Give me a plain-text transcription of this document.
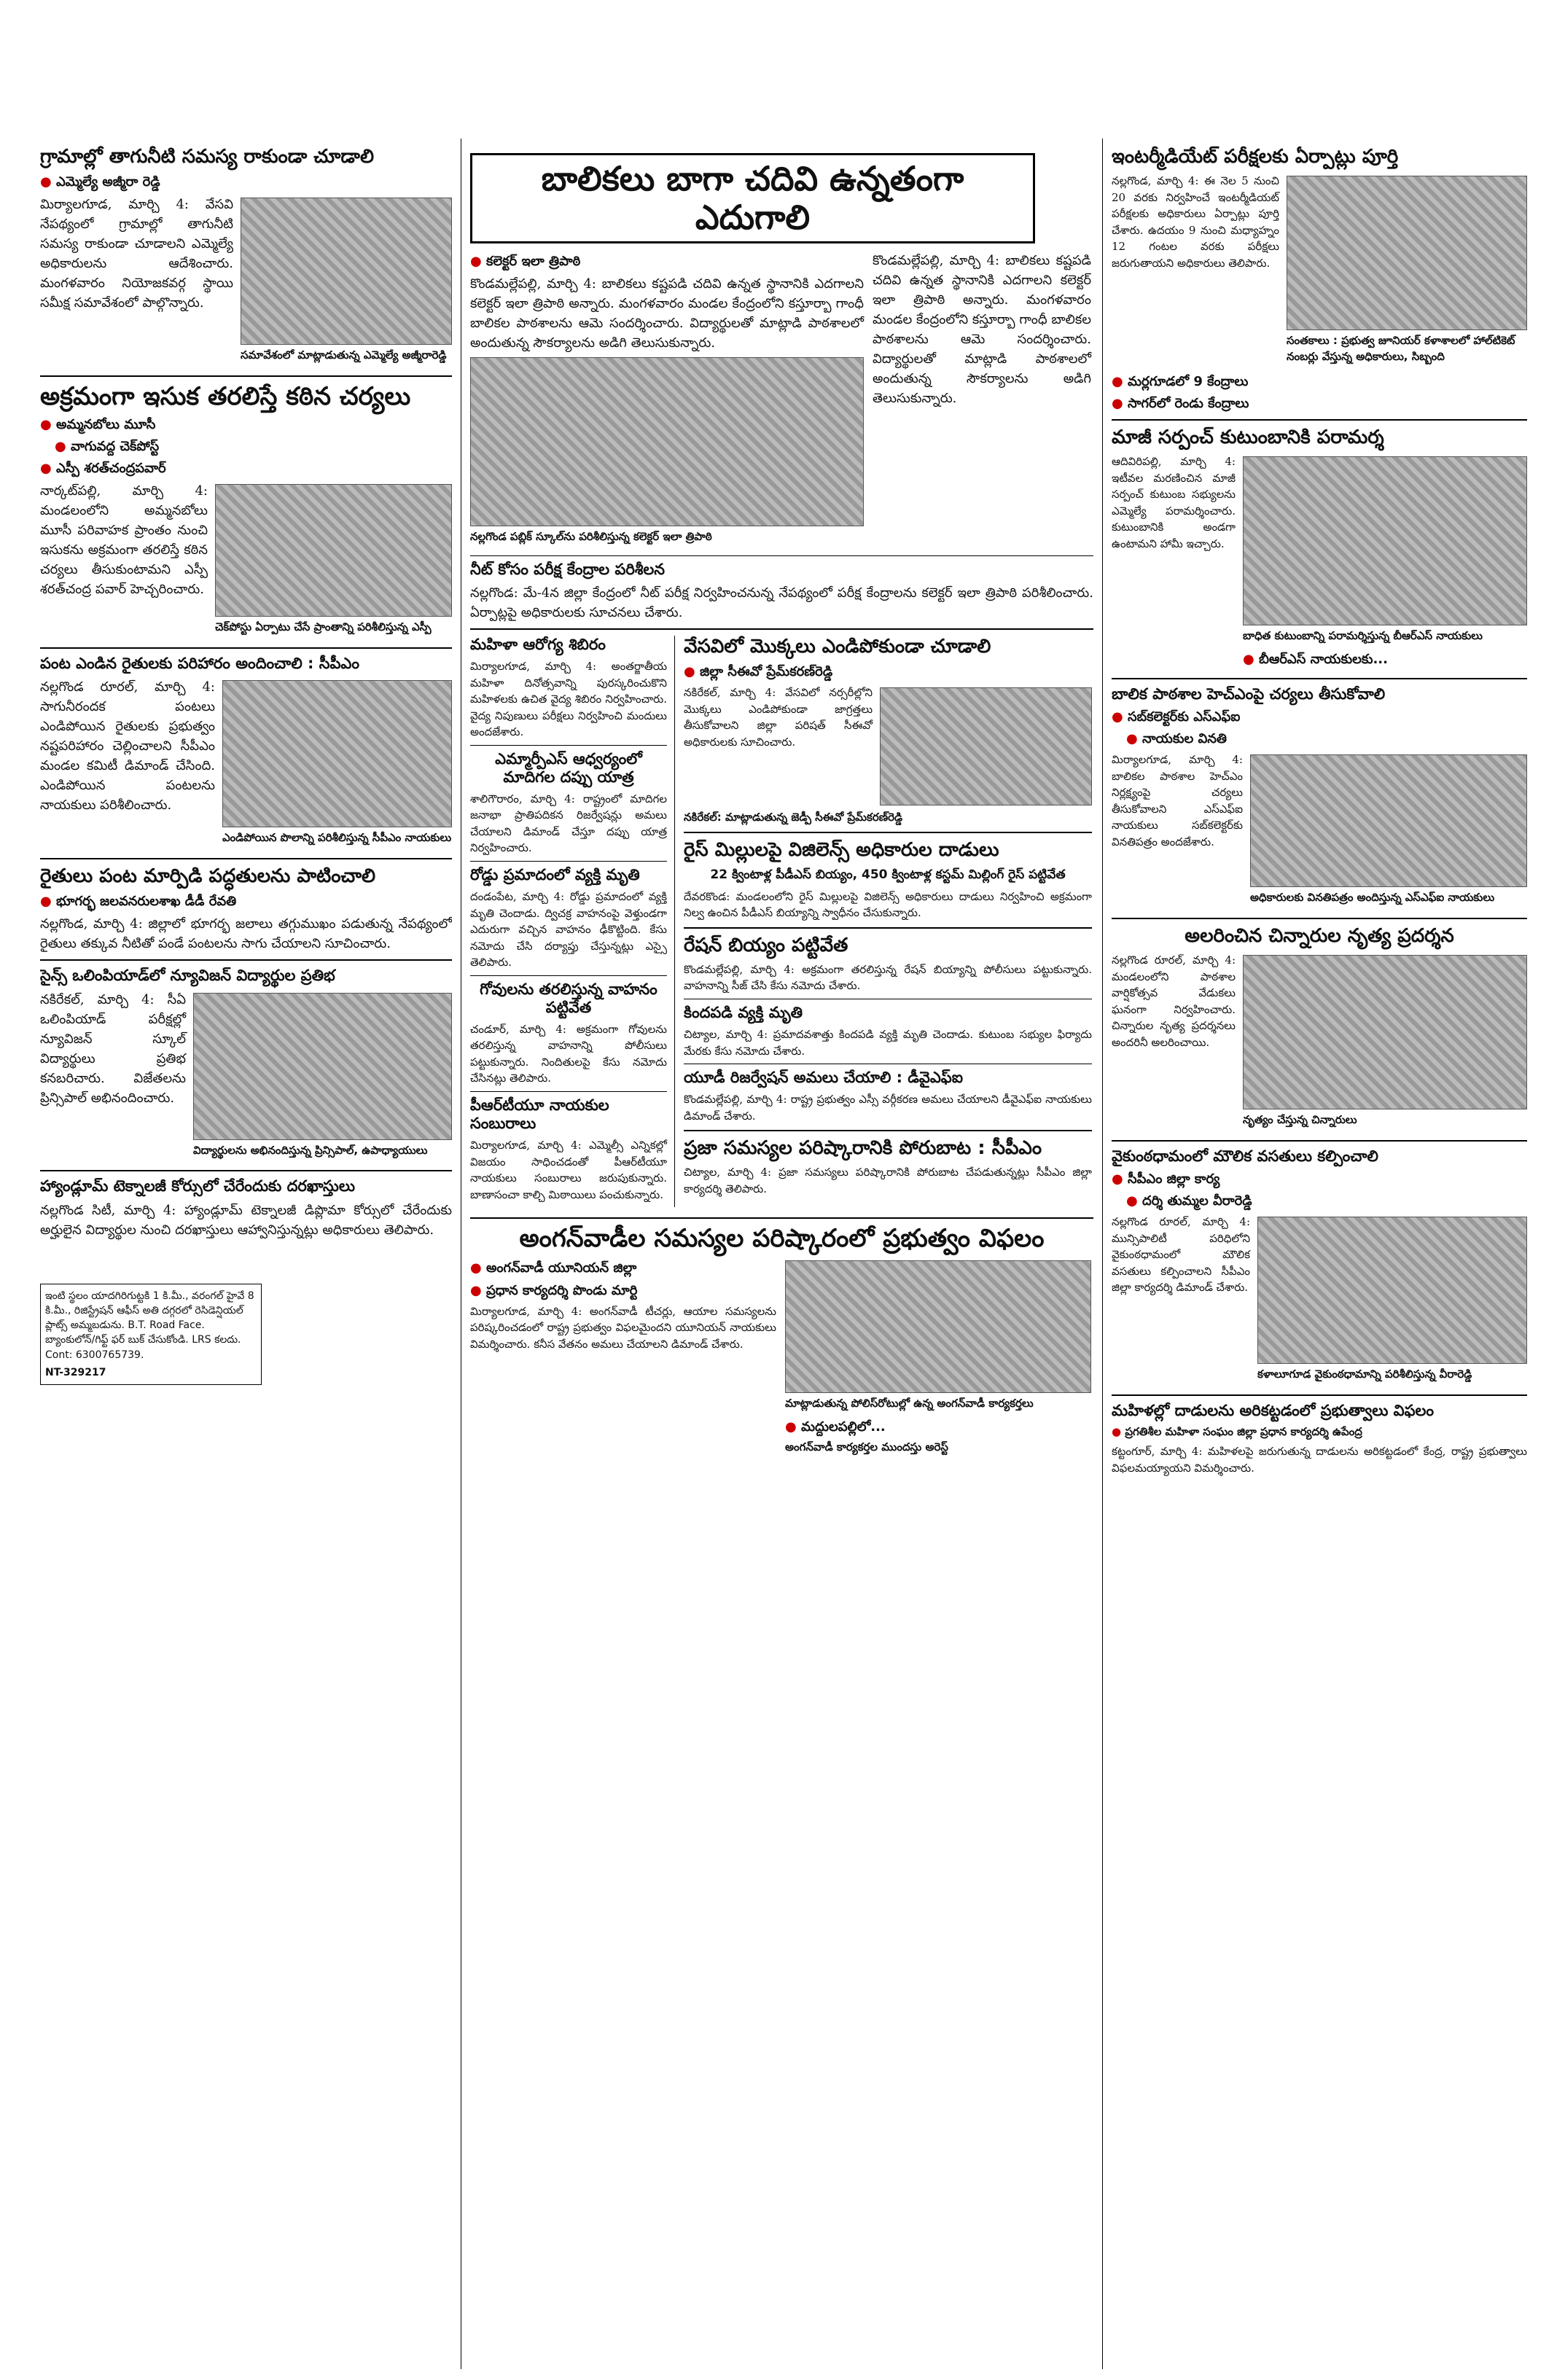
గ్రామాల్లో తాగునీటి సమస్య రాకుండా చూడాలి
● ఎమ్మెల్యే అజ్మీరా రెడ్డి

మిర్యాలగూడ, మార్చి 4: వేసవి నేపథ్యంలో గ్రామాల్లో తాగునీటి సమస్య రాకుండా చూడాలని ఎమ్మెల్యే అధికారులను ఆదేశించారు. మంగళవారం నియోజకవర్గ స్థాయి సమీక్ష సమావేశంలో పాల్గొన్నారు.

సమావేశంలో మాట్లాడుతున్న ఎమ్మెల్యే అజ్మీరారెడ్డి
అక్రమంగా ఇసుక తరలిస్తే కఠిన చర్యలు
● అమ్మనబోలు మూసీ
● వాగువద్ద చెక్‌పోస్ట్
● ఎస్పీ శరత్‌చంద్రపవార్

నార్కట్‌పల్లి, మార్చి 4: మండలంలోని అమ్మనబోలు మూసీ పరివాహక ప్రాంతం నుంచి ఇసుకను అక్రమంగా తరలిస్తే కఠిన చర్యలు తీసుకుంటామని ఎస్పీ శరత్‌చంద్ర పవార్ హెచ్చరించారు.

చెక్‌పోస్టు ఏర్పాటు చేసే ప్రాంతాన్ని పరిశీలిస్తున్న ఎస్పీ
పంట ఎండిన రైతులకు పరిహారం అందించాలి : సీపీఎం

నల్లగొండ రూరల్, మార్చి 4: సాగునీరందక పంటలు ఎండిపోయిన రైతులకు ప్రభుత్వం నష్టపరిహారం చెల్లించాలని సీపీఎం మండల కమిటీ డిమాండ్ చేసింది. ఎండిపోయిన పంటలను నాయకులు పరిశీలించారు.

ఎండిపోయిన పొలాన్ని పరిశీలిస్తున్న సీపీఎం నాయకులు
రైతులు పంట మార్పిడి పద్ధతులను పాటించాలి
● భూగర్భ జలవనరులశాఖ డీడీ రేవతి

నల్లగొండ, మార్చి 4: జిల్లాలో భూగర్భ జలాలు తగ్గుముఖం పడుతున్న నేపథ్యంలో రైతులు తక్కువ నీటితో పండే పంటలను సాగు చేయాలని సూచించారు.

సైన్స్ ఒలింపియాడ్‌లో న్యూవిజన్ విద్యార్థుల ప్రతిభ

నకిరేకల్, మార్చి 4: సీఏ ఒలింపియాడ్ పరీక్షల్లో న్యూవిజన్ స్కూల్ విద్యార్థులు ప్రతిభ కనబరిచారు. విజేతలను ప్రిన్సిపాల్ అభినందించారు.

విద్యార్థులను అభినందిస్తున్న ప్రిన్సిపాల్, ఉపాధ్యాయులు
హ్యాండ్లూమ్ టెక్నాలజీ కోర్సులో చేరేందుకు దరఖాస్తులు

నల్లగొండ సిటీ, మార్చి 4: హ్యాండ్లూమ్ టెక్నాలజీ డిప్లొమా కోర్సులో చేరేందుకు అర్హులైన విద్యార్థుల నుంచి దరఖాస్తులు ఆహ్వానిస్తున్నట్లు అధికారులు తెలిపారు.

ఇంటి స్థలం యాదగిరిగుట్టకి 1 కి.మీ., వరంగల్ హైవే 8 కి.మీ., రిజిస్ట్రేషన్ ఆఫీస్ అతి దగ్గరలో రెసిడెన్షియల్ ప్లాట్స్ అమ్మబడును. B.T. Road Face. బ్యాంకులోన్/గిఫ్ట్ ఫర్ బుక్ చేసుకోండి. LRS కలదు. Cont: 6300765739.
NT-329217
బాలికలు బాగా చదివి ఉన్నతంగా ఎదుగాలి
● కలెక్టర్ ఇలా త్రిపాఠి

కొండమల్లేపల్లి, మార్చి 4: బాలికలు కష్టపడి చదివి ఉన్నత స్థానానికి ఎదగాలని కలెక్టర్ ఇలా త్రిపాఠి అన్నారు. మంగళవారం మండల కేంద్రంలోని కస్తూర్బా గాంధీ బాలికల పాఠశాలను ఆమె సందర్శించారు. విద్యార్థులతో మాట్లాడి పాఠశాలలో అందుతున్న సౌకర్యాలను అడిగి తెలుసుకున్నారు.

నల్లగొండ పబ్లిక్ స్కూల్‌ను పరిశీలిస్తున్న కలెక్టర్ ఇలా త్రిపాఠి

కొండమల్లేపల్లి, మార్చి 4: బాలికలు కష్టపడి చదివి ఉన్నత స్థానానికి ఎదగాలని కలెక్టర్ ఇలా త్రిపాఠి అన్నారు. మంగళవారం మండల కేంద్రంలోని కస్తూర్బా గాంధీ బాలికల పాఠశాలను ఆమె సందర్శించారు. విద్యార్థులతో మాట్లాడి పాఠశాలలో అందుతున్న సౌకర్యాలను అడిగి తెలుసుకున్నారు.

నీట్ కోసం పరీక్ష కేంద్రాల పరిశీలన

నల్లగొండ: మే-4న జిల్లా కేంద్రంలో నీట్ పరీక్ష నిర్వహించనున్న నేపథ్యంలో పరీక్ష కేంద్రాలను కలెక్టర్ ఇలా త్రిపాఠి పరిశీలించారు. ఏర్పాట్లపై అధికారులకు సూచనలు చేశారు.

మహిళా ఆరోగ్య శిబిరం

మిర్యాలగూడ, మార్చి 4: అంతర్జాతీయ మహిళా దినోత్సవాన్ని పురస్కరించుకొని మహిళలకు ఉచిత వైద్య శిబిరం నిర్వహించారు. వైద్య నిపుణులు పరీక్షలు నిర్వహించి మందులు అందజేశారు.

ఎమ్మార్పీఎస్ ఆధ్వర్యంలో మాదిగల దప్పు యాత్ర

శాలిగౌరారం, మార్చి 4: రాష్ట్రంలో మాదిగల జనాభా ప్రాతిపదికన రిజర్వేషన్లు అమలు చేయాలని డిమాండ్ చేస్తూ దప్పు యాత్ర నిర్వహించారు.

రోడ్డు ప్రమాదంలో వ్యక్తి మృతి

దండంపేట, మార్చి 4: రోడ్డు ప్రమాదంలో వ్యక్తి మృతి చెందాడు. ద్విచక్ర వాహనంపై వెళ్తుండగా ఎదురుగా వచ్చిన వాహనం ఢీకొట్టింది. కేసు నమోదు చేసి దర్యాప్తు చేస్తున్నట్లు ఎస్సై తెలిపారు.

గోవులను తరలిస్తున్న వాహనం పట్టివేత

చండూర్, మార్చి 4: అక్రమంగా గోవులను తరలిస్తున్న వాహనాన్ని పోలీసులు పట్టుకున్నారు. నిందితులపై కేసు నమోదు చేసినట్లు తెలిపారు.

పీఆర్‌టీయూ నాయకుల సంబురాలు

మిర్యాలగూడ, మార్చి 4: ఎమ్మెల్సీ ఎన్నికల్లో విజయం సాధించడంతో పీఆర్‌టీయూ నాయకులు సంబురాలు జరుపుకున్నారు. బాణాసంచా కాల్చి మిఠాయిలు పంచుకున్నారు.

వేసవిలో మొక్కలు ఎండిపోకుండా చూడాలి
● జిల్లా సీఈవో ప్రేమ్‌కరణ్‌రెడ్డి

నకిరేకల్, మార్చి 4: వేసవిలో నర్సరీల్లోని మొక్కలు ఎండిపోకుండా జాగ్రత్తలు తీసుకోవాలని జిల్లా పరిషత్ సీఈవో అధికారులకు సూచించారు.

నకిరేకల్: మాట్లాడుతున్న జెడ్పీ సీఈవో ప్రేమ్‌కరణ్‌రెడ్డి
రైస్ మిల్లులపై విజిలెన్స్ అధికారుల దాడులు
22 క్వింటాళ్ల పీడీఎస్ బియ్యం, 450 క్వింటాళ్ల కస్టమ్ మిల్లింగ్ రైస్ పట్టివేత

దేవరకొండ: మండలంలోని రైస్ మిల్లులపై విజిలెన్స్ అధికారులు దాడులు నిర్వహించి అక్రమంగా నిల్వ ఉంచిన పీడీఎస్ బియ్యాన్ని స్వాధీనం చేసుకున్నారు.

రేషన్ బియ్యం పట్టివేత

కొండమల్లేపల్లి, మార్చి 4: అక్రమంగా తరలిస్తున్న రేషన్ బియ్యాన్ని పోలీసులు పట్టుకున్నారు. వాహనాన్ని సీజ్ చేసి కేసు నమోదు చేశారు.

కిందపడి వ్యక్తి మృతి

చిట్యాల, మార్చి 4: ప్రమాదవశాత్తు కిందపడి వ్యక్తి మృతి చెందాడు. కుటుంబ సభ్యుల ఫిర్యాదు మేరకు కేసు నమోదు చేశారు.

యూడీ రిజర్వేషన్ అమలు చేయాలి : డీవైఎఫ్ఐ

కొండమల్లేపల్లి, మార్చి 4: రాష్ట్ర ప్రభుత్వం ఎస్సీ వర్గీకరణ అమలు చేయాలని డీవైఎఫ్ఐ నాయకులు డిమాండ్ చేశారు.

ప్రజా సమస్యల పరిష్కారానికి పోరుబాట : సీపీఎం

చిట్యాల, మార్చి 4: ప్రజా సమస్యలు పరిష్కారానికి పోరుబాట చేపడుతున్నట్లు సీపీఎం జిల్లా కార్యదర్శి తెలిపారు.

అంగన్‌వాడీల సమస్యల పరిష్కారంలో ప్రభుత్వం విఫలం
● అంగన్‌వాడీ యూనియన్ జిల్లా
● ప్రధాన కార్యదర్శి పొండు మార్టి

మిర్యాలగూడ, మార్చి 4: అంగన్‌వాడీ టీచర్లు, ఆయాల సమస్యలను పరిష్కరించడంలో రాష్ట్ర ప్రభుత్వం విఫలమైందని యూనియన్ నాయకులు విమర్శించారు. కనీస వేతనం అమలు చేయాలని డిమాండ్ చేశారు.

మాట్లాడుతున్న పోలిస్‌రోటుల్లో ఉన్న అంగన్‌వాడీ కార్యకర్తలు
● మద్దులపల్లిలో...
అంగన్‌వాడీ కార్యకర్తల ముందస్తు అరెస్ట్
ఇంటర్మీడియేట్ పరీక్షలకు ఏర్పాట్లు పూర్తి

నల్లగొండ, మార్చి 4: ఈ నెల 5 నుంచి 20 వరకు నిర్వహించే ఇంటర్మీడియట్ పరీక్షలకు అధికారులు ఏర్పాట్లు పూర్తి చేశారు. ఉదయం 9 నుంచి మధ్యాహ్నం 12 గంటల వరకు పరీక్షలు జరుగుతాయని అధికారులు తెలిపారు.

సంతకాలు : ప్రభుత్వ జూనియర్ కళాశాలలో హాల్‌టికెట్ నంబర్లు వేస్తున్న అధికారులు, సిబ్బంది
● మర్లగూడలో 9 కేంద్రాలు
● సాగర్‌లో రెండు కేంద్రాలు
మాజీ సర్పంచ్ కుటుంబానికి పరామర్శ

ఆదివిరిపల్లి, మార్చి 4: ఇటీవల మరణించిన మాజీ సర్పంచ్ కుటుంబ సభ్యులను ఎమ్మెల్యే పరామర్శించారు. కుటుంబానికి అండగా ఉంటామని హామీ ఇచ్చారు.

బాధిత కుటుంబాన్ని పరామర్శిస్తున్న బీఆర్ఎస్ నాయకులు
● బీఆర్ఎస్ నాయకులకు...
బాలిక పాఠశాల హెచ్‌ఎంపై చర్యలు తీసుకోవాలి
● సబ్‌కలెక్టర్‌కు ఎస్ఎఫ్ఐ
● నాయకుల వినతి

మిర్యాలగూడ, మార్చి 4: బాలికల పాఠశాల హెచ్ఎం నిర్లక్ష్యంపై చర్యలు తీసుకోవాలని ఎస్ఎఫ్ఐ నాయకులు సబ్‌కలెక్టర్‌కు వినతిపత్రం అందజేశారు.

అధికారులకు వినతిపత్రం అందిస్తున్న ఎస్ఎఫ్ఐ నాయకులు
అలరించిన చిన్నారుల నృత్య ప్రదర్శన

నల్లగొండ రూరల్, మార్చి 4: మండలంలోని పాఠశాల వార్షికోత్సవ వేడుకలు ఘనంగా నిర్వహించారు. చిన్నారుల నృత్య ప్రదర్శనలు అందరినీ అలరించాయి.

నృత్యం చేస్తున్న చిన్నారులు
వైకుంఠధామంలో మౌలిక వసతులు కల్పించాలి
● సీపీఎం జిల్లా కార్య
● దర్శి తుమ్మల వీరారెడ్డి

నల్లగొండ రూరల్, మార్చి 4: మున్సిపాలిటీ పరిధిలోని వైకుంఠధామంలో మౌలిక వసతులు కల్పించాలని సీపీఎం జిల్లా కార్యదర్శి డిమాండ్ చేశారు.

కళాలూగూడ వైకుంఠధామాన్ని పరిశీలిస్తున్న వీరారెడ్డి
మహిళల్లో దాడులను అరికట్టడంలో ప్రభుత్వాలు విఫలం
● ప్రగతిశీల మహిళా సంఘం జిల్లా ప్రధాన కార్యదర్శి ఉపేంద్ర

కట్టంగూర్, మార్చి 4: మహిళలపై జరుగుతున్న దాడులను అరికట్టడంలో కేంద్ర, రాష్ట్ర ప్రభుత్వాలు విఫలమయ్యాయని విమర్శించారు.
